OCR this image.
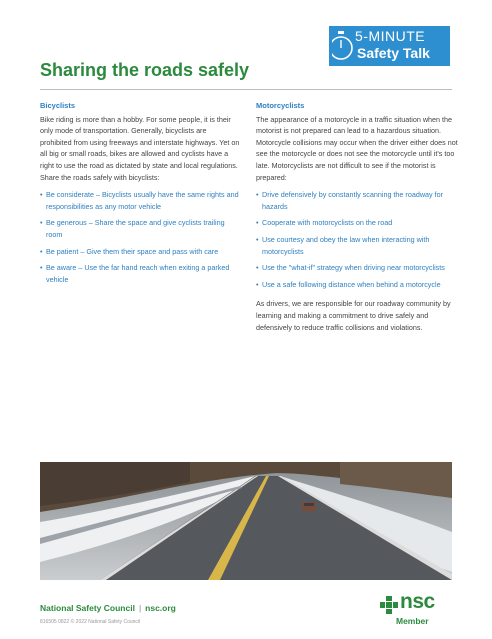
5-MINUTE
Safety Talk
Sharing the roads safely
Bicyclists

Bike riding is more than a hobby. For some people, it is their only mode of transportation. Generally, bicyclists are prohibited from using freeways and interstate highways. Yet on all big or small roads, bikes are allowed and cyclists have a right to use the road as dictated by state and local regulations. Share the roads safely with bicyclists:

• Be considerate – Bicyclists usually have the same rights and responsibilities as any motor vehicle
• Be generous – Share the space and give cyclists trailing room
• Be patient – Give them their space and pass with care
• Be aware – Use the far hand reach when exiting a parked vehicle
Motorcyclists

The appearance of a motorcycle in a traffic situation when the motorist is not prepared can lead to a hazardous situation. Motorcycle collisions may occur when the driver either does not see the motorcycle or does not see the motorcycle until it's too late. Motorcyclists are not difficult to see if the motorist is prepared:

• Drive defensively by constantly scanning the roadway for hazards
• Cooperate with motorcyclists on the road
• Use courtesy and obey the law when interacting with motorcyclists
• Use the "what-if" strategy when driving near motorcyclists
• Use a safe following distance when behind a motorcycle

As drivers, we are responsible for our roadway community by learning and making a commitment to drive safely and defensively to reduce traffic collisions and violations.

National Safety Council | nsc.org
816505 0822 © 2022 National Safety Council
nsc
Member
